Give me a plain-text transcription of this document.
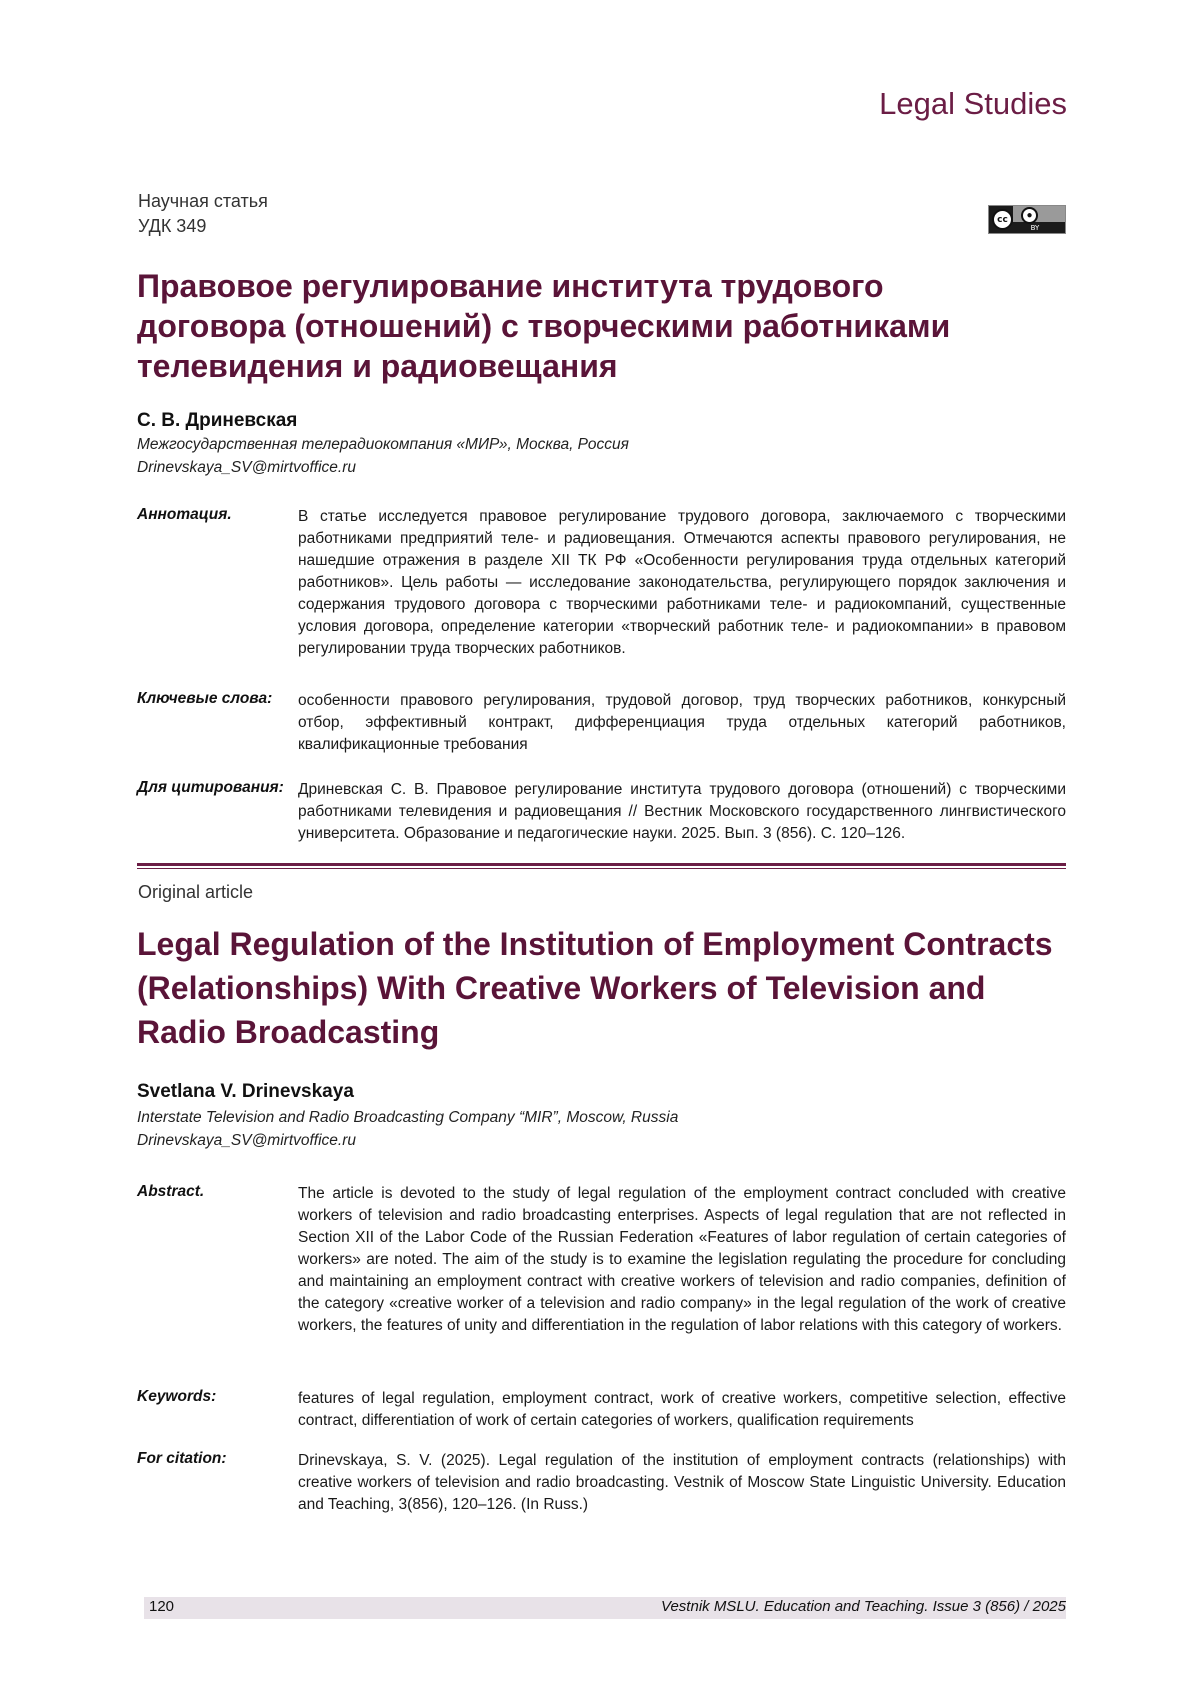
Legal Studies
Научная статья
УДК 349	cc	●
BY
Правовое регулирование института трудового договора (отношений) с творческими работниками телевидения и радиовещания
С. В. Дриневская
Межгосударственная телерадиокомпания «МИР», Москва, Россия
Drinevskaya_SV@mirtvoffice.ru
Аннотация.	В статье исследуется правовое регулирование трудового договора, заключаемого с творческими работниками предприятий теле- и радиовещания. Отмечаются аспекты правового регулирования, не нашедшие отражения в разделе XII ТК РФ «Особенности регулирования труда отдельных категорий работников». Цель работы — исследование законодательства, регулирующего порядок заключения и содержания трудового договора с творческими работниками теле- и радиокомпаний, существенные условия договора, определение категории «творческий работник теле- и радиокомпании» в правовом регулировании труда творческих работников.

Ключевые слова: особенности правового регулирования, трудовой договор, труд творческих работников, конкурсный отбор, эффективный контракт, дифференциация труда отдельных категорий работников, квалификационные требования

Для цитирования: Дриневская С. В. Правовое регулирование института трудового договора (отношений) с творческими работниками телевидения и радиовещания // Вестник Московского государственного лингвистического университета. Образование и педагогические науки. 2025. Вып. 3 (856). С. 120–126.

Original article
Legal Regulation of the Institution of Employment Contracts (Relationships) With Creative Workers of Television and Radio Broadcasting
Svetlana V. Drinevskaya
Interstate Television and Radio Broadcasting Company “MIR”, Moscow, Russia
Drinevskaya_SV@mirtvoffice.ru
Abstract.	The article is devoted to the study of legal regulation of the employment contract concluded with creative workers of television and radio broadcasting enterprises. Aspects of legal regulation that are not reflected in Section XII of the Labor Code of the Russian Federation «Features of labor regulation of certain categories of workers» are noted. The aim of the study is to examine the legislation regulating the procedure for concluding and maintaining an employment contract with creative workers of television and radio companies, definition of the category «creative worker of a television and radio company» in the legal regulation of the work of creative workers, the features of unity and differentiation in the regulation of labor relations with this category of workers.

Keywords:	features of legal regulation, employment contract, work of creative workers, competitive selection, effective contract, differentiation of work of certain categories of workers, qualification requirements

For citation:	Drinevskaya, S. V. (2025). Legal regulation of the institution of employment contracts (relationships) with creative workers of television and radio broadcasting. Vestnik of Moscow State Linguistic University. Education and Teaching, 3(856), 120–126. (In Russ.)

120	Vestnik MSLU. Education and Teaching. Issue 3 (856) / 2025
